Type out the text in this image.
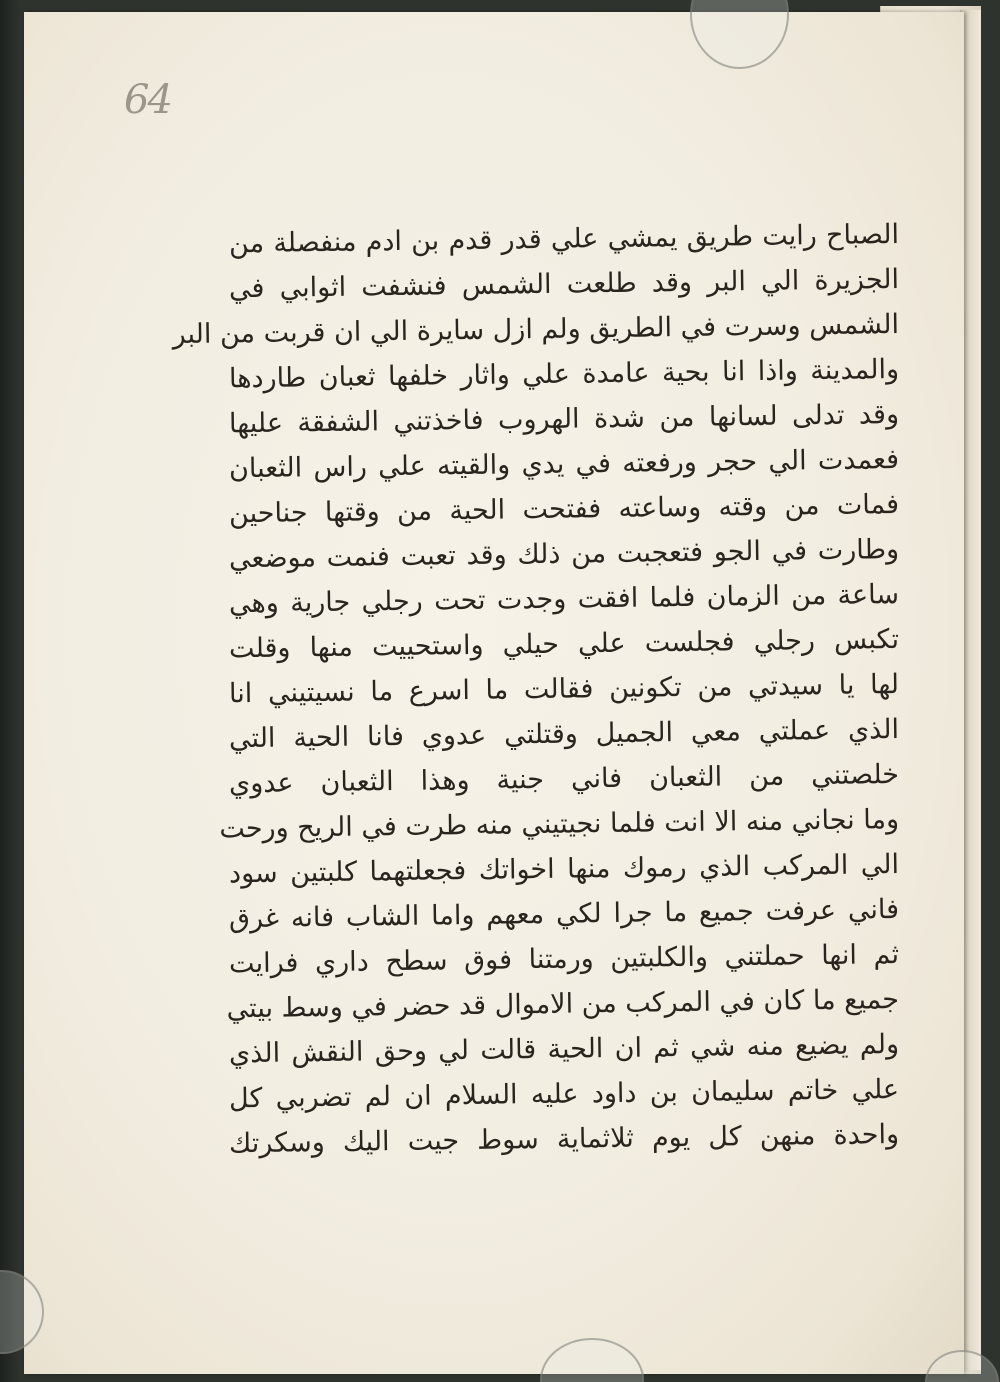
64
الصباح رايت طريق يمشي علي قدر قدم بن ادم منفصلة من
الجزيرة الي البر وقد طلعت الشمس فنشفت اثوابي في
الشمس وسرت في الطريق ولم ازل سايرة الي ان قربت من البر
والمدينة واذا انا بحية عامدة علي واثار خلفها ثعبان طاردها
وقد تدلى لسانها من شدة الهروب فاخذتني الشفقة عليها
فعمدت الي حجر ورفعته في يدي والقيته علي راس الثعبان
فمات من وقته وساعته ففتحت الحية من وقتها جناحين
وطارت في الجو فتعجبت من ذلك وقد تعبت فنمت موضعي
ساعة من الزمان فلما افقت وجدت تحت رجلي جارية وهي
تكبس رجلي فجلست علي حيلي واستحييت منها وقلت
لها يا سيدتي من تكونين فقالت ما اسرع ما نسيتيني انا
الذي عملتي معي الجميل وقتلتي عدوي فانا الحية التي
خلصتني من الثعبان فاني جنية وهذا الثعبان عدوي
وما نجاني منه الا انت فلما نجيتيني منه طرت في الريح ورحت
الي المركب الذي رموك منها اخواتك فجعلتهما كلبتين سود
فاني عرفت جميع ما جرا لكي معهم واما الشاب فانه غرق
ثم انها حملتني والكلبتين ورمتنا فوق سطح داري فرايت
جميع ما كان في المركب من الاموال قد حضر في وسط بيتي
ولم يضيع منه شي ثم ان الحية قالت لي وحق النقش الذي
علي خاتم سليمان بن داود عليه السلام ان لم تضربي كل
واحدة منهن كل يوم ثلاثماية سوط جيت اليك وسكرتك
